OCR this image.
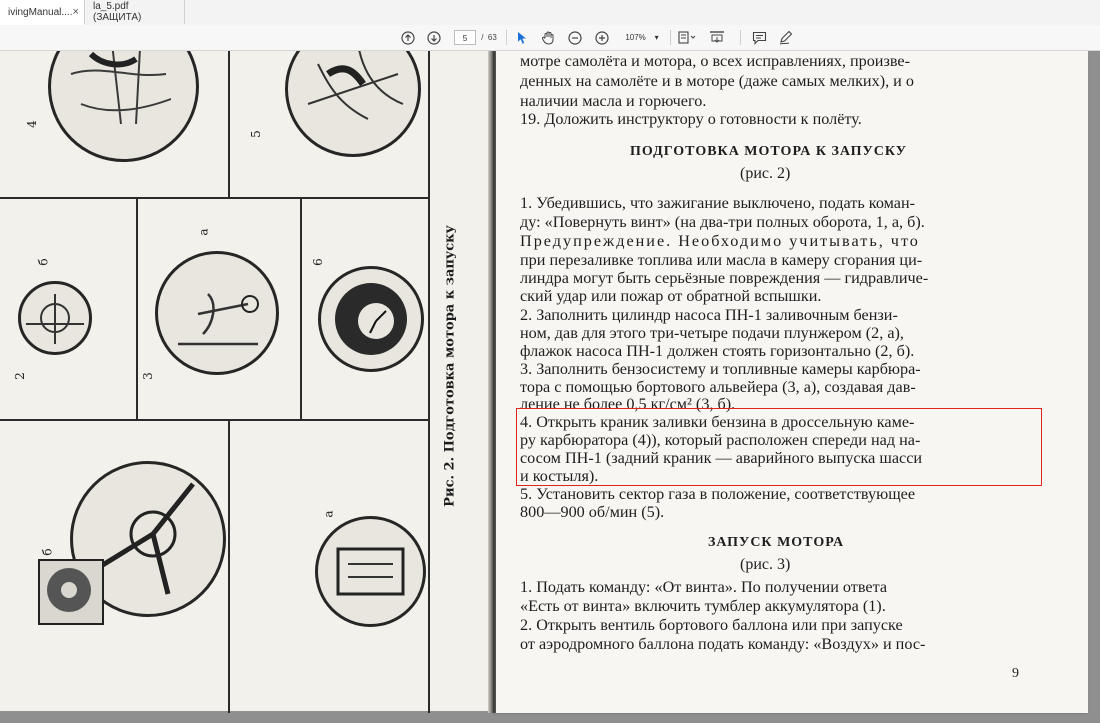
ivingManual.... × la_5.pdf (ЗАЩИТА)
5	/
63	107%
▾
4
5
2	3
6
б
а
б
а
Рис. 2. Подготовка мотора к запуску
мотре самолёта и мотора, о всех исправлениях, произве-
денных на самолёте и в моторе (даже самых мелких), и о
наличии масла и горючего.
19. Доложить инструктору о готовности к полёту.
ПОДГОТОВКА МОТОРА К ЗАПУСКУ
(рис. 2)
1. Убедившись, что зажигание выключено, подать коман-
ду: «Повернуть винт» (на два-три полных оборота, 1, а, б).
Предупреждение. Необходимо учитывать, что
при перезаливке топлива или масла в камеру сгорания ци-
линдра могут быть серьёзные повреждения — гидравличе-
ский удар или пожар от обратной вспышки.
2. Заполнить цилиндр насоса ПН-1 заливочным бензи-
ном, дав для этого три-четыре подачи плунжером (2, а),
флажок насоса ПН-1 должен стоять горизонтально (2, б).
3. Заполнить бензосистему и топливные камеры карбюра-
тора с помощью бортового альвейера (3, а), создавая дав-
ление не более 0,5 кг/см² (3, б).
4. Открыть краник заливки бензина в дроссельную каме-
ру карбюратора (4)), который расположен спереди над на-
сосом ПН-1 (задний краник — аварийного выпуска шасси
и костыля).
5. Установить сектор газа в положение, соответствующее
800—900 об/мин (5).
ЗАПУСК МОТОРА
(рис. 3)
1. Подать команду: «От винта». По получении ответа
«Есть от винта» включить тумблер аккумулятора (1).
2. Открыть вентиль бортового баллона или при запуске
от аэродромного баллона подать команду: «Воздух» и пос-
9
